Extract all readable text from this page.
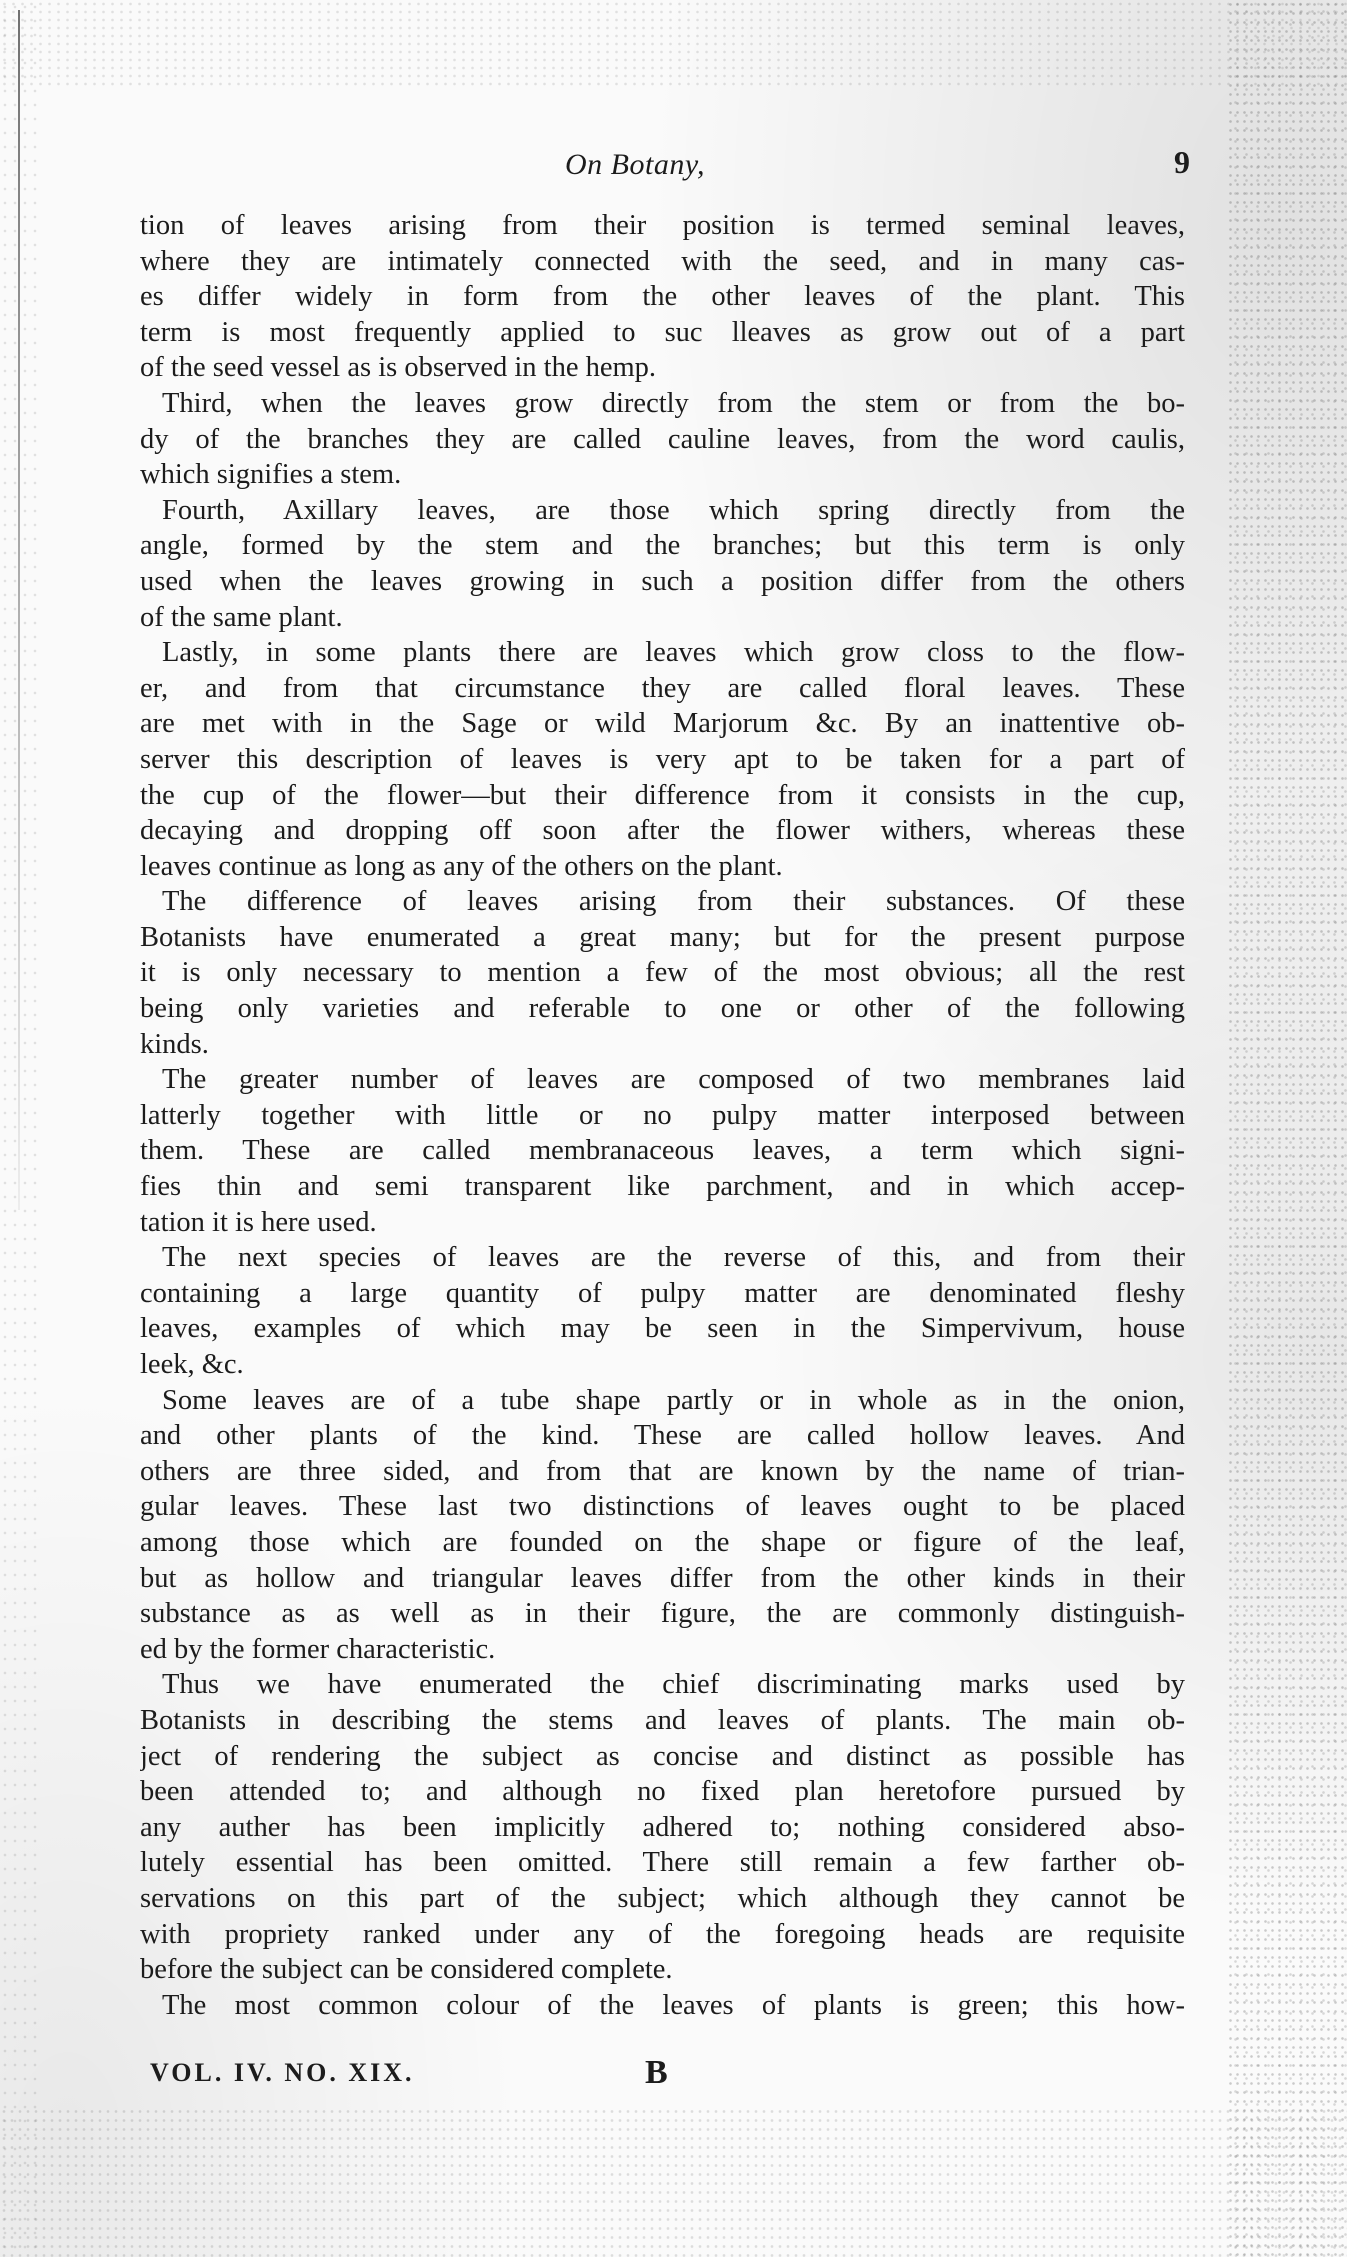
On Botany,	9
tion of leaves arising from their position is termed seminal leaves,
where they are intimately connected with the seed, and in many cas-
es differ widely in form from the other leaves of the plant. This
term is most frequently applied to suc lleaves as grow out of a part
of the seed vessel as is observed in the hemp.
Third, when the leaves grow directly from the stem or from the bo-
dy of the branches they are called cauline leaves, from the word caulis,
which signifies a stem.
Fourth, Axillary leaves, are those which spring directly from the
angle, formed by the stem and the branches; but this term is only
used when the leaves growing in such a position differ from the others
of the same plant.
Lastly, in some plants there are leaves which grow closs to the flow-
er, and from that circumstance they are called floral leaves. These
are met with in the Sage or wild Marjorum &c. By an inattentive ob-
server this description of leaves is very apt to be taken for a part of
the cup of the flower—but their difference from it consists in the cup,
decaying and dropping off soon after the flower withers, whereas these
leaves continue as long as any of the others on the plant.
The difference of leaves arising from their substances. Of these
Botanists have enumerated a great many; but for the present purpose
it is only necessary to mention a few of the most obvious; all the rest
being only varieties and referable to one or other of the following
kinds.
The greater number of leaves are composed of two membranes laid
latterly together with little or no pulpy matter interposed between
them. These are called membranaceous leaves, a term which signi-
fies thin and semi transparent like parchment, and in which accep-
tation it is here used.
The next species of leaves are the reverse of this, and from their
containing a large quantity of pulpy matter are denominated fleshy
leaves, examples of which may be seen in the Simpervivum, house
leek, &c.
Some leaves are of a tube shape partly or in whole as in the onion,
and other plants of the kind. These are called hollow leaves. And
others are three sided, and from that are known by the name of trian-
gular leaves. These last two distinctions of leaves ought to be placed
among those which are founded on the shape or figure of the leaf,
but as hollow and triangular leaves differ from the other kinds in their
substance as as well as in their figure, the are commonly distinguish-
ed by the former characteristic.
Thus we have enumerated the chief discriminating marks used by
Botanists in describing the stems and leaves of plants. The main ob-
ject of rendering the subject as concise and distinct as possible has
been attended to; and although no fixed plan heretofore pursued by
any auther has been implicitly adhered to; nothing considered abso-
lutely essential has been omitted. There still remain a few farther ob-
servations on this part of the subject; which although they cannot be
with propriety ranked under any of the foregoing heads are requisite
before the subject can be considered complete.
The most common colour of the leaves of plants is green; this how-
VOL. IV. NO. XIX.	B
